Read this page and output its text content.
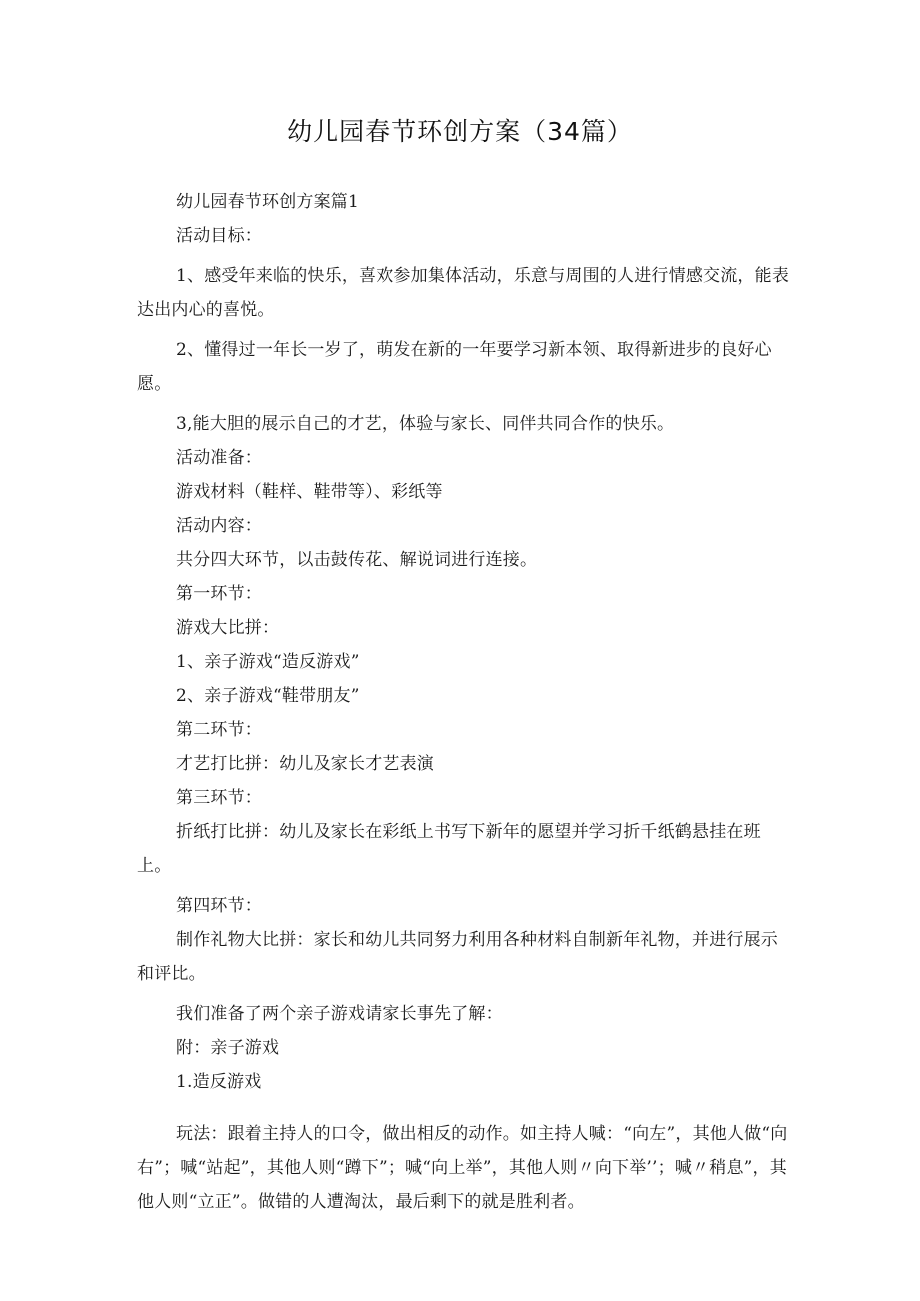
幼儿园春节环创方案（34篇）

幼儿园春节环创方案篇1

活动目标：

1、感受年来临的快乐，喜欢参加集体活动，乐意与周围的人进行情感交流，能表达出内心的喜悦。

2、懂得过一年长一岁了，萌发在新的一年要学习新本领、取得新进步的良好心愿。

3,能大胆的展示自己的才艺，体验与家长、同伴共同合作的快乐。

活动准备：

游戏材料（鞋样、鞋带等）、彩纸等

活动内容：

共分四大环节，以击鼓传花、解说词进行连接。

第一环节：

游戏大比拼：

1、亲子游戏“造反游戏”

2、亲子游戏“鞋带朋友”

第二环节：

才艺打比拼：幼儿及家长才艺表演

第三环节：

折纸打比拼：幼儿及家长在彩纸上书写下新年的愿望并学习折千纸鹤悬挂在班上。

第四环节：

制作礼物大比拼：家长和幼儿共同努力利用各种材料自制新年礼物，并进行展示和评比。

我们准备了两个亲子游戏请家长事先了解：

附：亲子游戏

1.造反游戏

玩法：跟着主持人的口令，做出相反的动作。如主持人喊：“向左”，其他人做“向右”；喊“站起”，其他人则“蹲下”；喊“向上举”，其他人则〃向下举’’；喊〃稍息”，其他人则“立正”。做错的人遭淘汰，最后剩下的就是胜利者。
